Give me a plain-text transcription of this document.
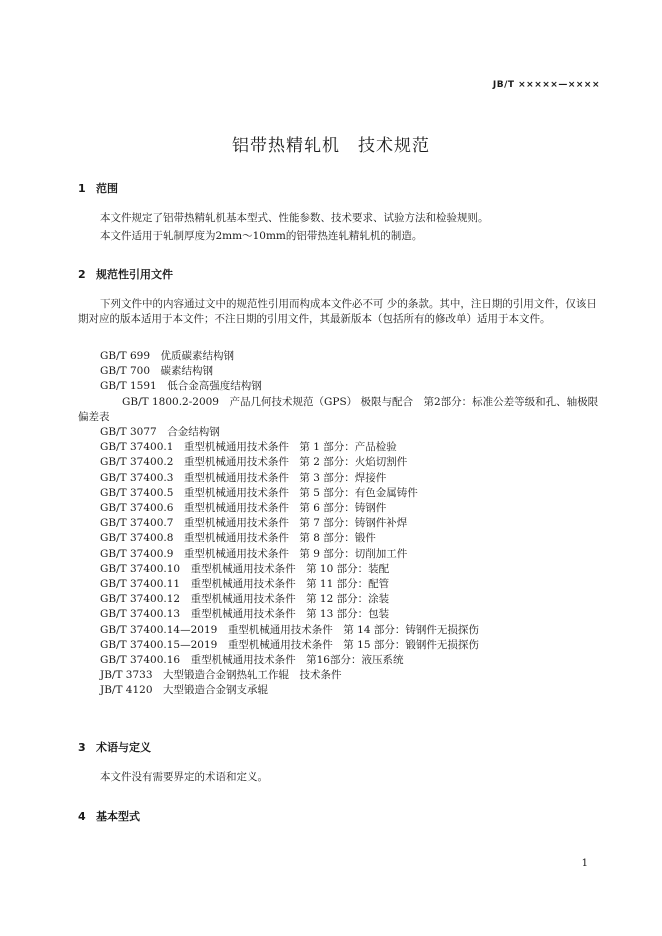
JB/T ×××××—××××
铝带热精轧机　技术规范
1 范围
本文件规定了铝带热精轧机基本型式、性能参数、技术要求、试验方法和检验规则。
本文件适用于轧制厚度为2mm～10mm的铝带热连轧精轧机的制造。
2 规范性引用文件
下列文件中的内容通过文中的规范性引用而构成本文件必不可 少的条款。其中，注日期的引用文件，仅该日期对应的版本适用于本文件；不注日期的引用文件，其最新版本（包括所有的修改单）适用于本文件。
GB/T 699　 优质碳素结构钢
GB/T 700　 碳素结构钢
GB/T 1591　 低合金高强度结构钢
GB/T 1800.2-2009　 产品几何技术规范（GPS） 极限与配合　第2部分：标准公差等级和孔、轴极限偏差表
GB/T 3077　 合金结构钢
GB/T 37400.1　 重型机械通用技术条件　第 1 部分：产品检验
GB/T 37400.2　 重型机械通用技术条件　第 2 部分：火焰切割件
GB/T 37400.3　 重型机械通用技术条件　第 3 部分：焊接件
GB/T 37400.5　 重型机械通用技术条件　第 5 部分：有色金属铸件
GB/T 37400.6　 重型机械通用技术条件　第 6 部分：铸钢件
GB/T 37400.7　 重型机械通用技术条件　第 7 部分：铸钢件补焊
GB/T 37400.8　 重型机械通用技术条件　第 8 部分：锻件
GB/T 37400.9　 重型机械通用技术条件　第 9 部分：切削加工件
GB/T 37400.10　 重型机械通用技术条件　第 10 部分：装配
GB/T 37400.11　 重型机械通用技术条件　第 11 部分：配管
GB/T 37400.12　 重型机械通用技术条件　第 12 部分：涂装
GB/T 37400.13　 重型机械通用技术条件　第 13 部分：包装
GB/T 37400.14—2019　 重型机械通用技术条件　第 14 部分：铸钢件无损探伤
GB/T 37400.15—2019　 重型机械通用技术条件　第 15 部分：锻钢件无损探伤
GB/T 37400.16　 重型机械通用技术条件　第16部分：液压系统
JB/T 3733　 大型锻造合金钢热轧工作辊　技术条件
JB/T 4120　 大型锻造合金钢支承辊
3 术语与定义
本文件没有需要界定的术语和定义。
4 基本型式
1
